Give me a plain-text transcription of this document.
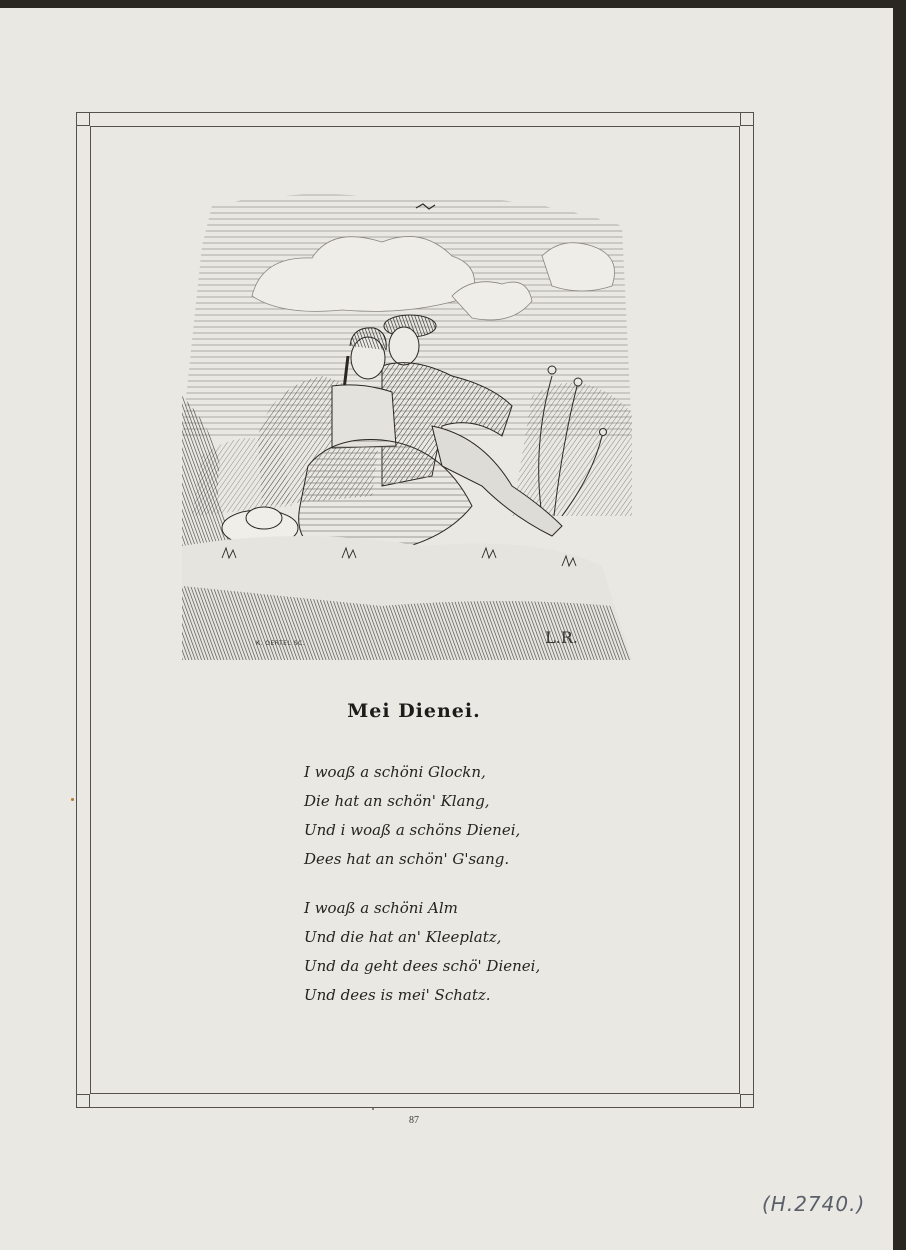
K. OERTEL SC.	L.R.
Mei Dienei.
I woaß a schöni Glockn,
Die hat an schön' Klang,
Und i woaß a schöns Dienei,
Dees hat an schön' G'sang.
I woaß a schöni Alm
Und die hat an' Kleeplatz,
Und da geht dees schö' Dienei,
Und dees is mei' Schatz.
87
(H.2740.)
